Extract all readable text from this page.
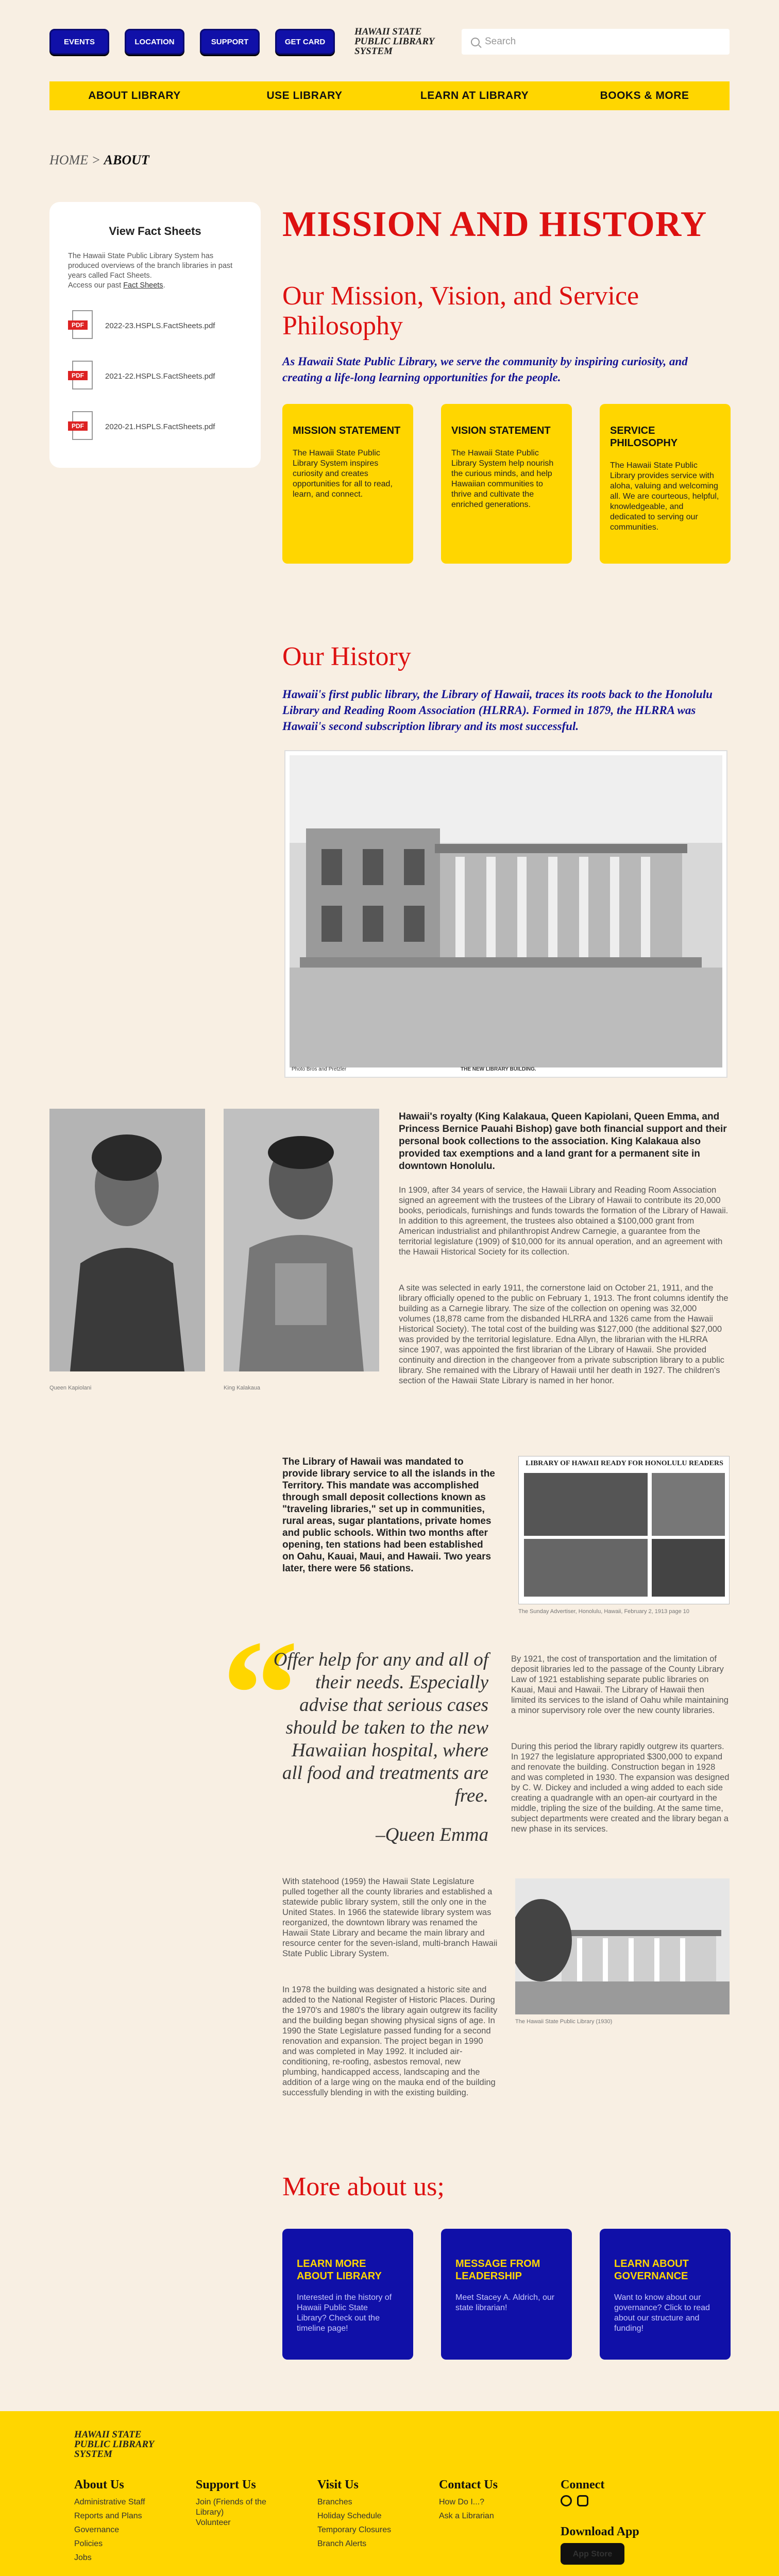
EVENTS	LOCATION	SUPPORT	GET CARD
HAWAII STATE PUBLIC LIBRARY SYSTEM
Search
ABOUT LIBRARY	USE LIBRARY	LEARN AT LIBRARY	BOOKS & MORE
HOME > ABOUT
View Fact Sheets

The Hawaii State Public Library System has produced overviews of the branch libraries in past years called Fact Sheets.
Access our past Fact Sheets.

PDF	2022-23.HSPLS.FactSheets.pdf
PDF	2021-22.HSPLS.FactSheets.pdf
PDF	2020-21.HSPLS.FactSheets.pdf
MISSION AND HISTORY
Our Mission, Vision, and Service Philosophy
As Hawaii State Public Library, we serve the community by inspiring curiosity, and creating a life-long learning opportunities for the people.
MISSION STATEMENT

The Hawaii State Public Library System inspires curiosity and creates opportunities for all to read, learn, and connect.

VISION STATEMENT

The Hawaii State Public Library System help nourish the curious minds, and help Hawaiian communities to thrive and cultivate the enriched generations.

SERVICE PHILOSOPHY

The Hawaii State Public Library provides service with aloha, valuing and welcoming all. We are courteous, helpful, knowledgeable, and dedicated to serving our communities.

Our History
Hawaii's first public library, the Library of Hawaii, traces its roots back to the Honolulu Library and Reading Room Association (HLRRA). Formed in 1879, the HLRRA was Hawaii's second subscription library and its most successful.
Photo Bros and Pretzler	THE NEW LIBRARY BUILDING.
Queen Kapiolani	King Kalakaua
Hawaii's royalty (King Kalakaua, Queen Kapiolani, Queen Emma, and Princess Bernice Pauahi Bishop) gave both financial support and their personal book collections to the association. King Kalakaua also provided tax exemptions and a land grant for a permanent site in downtown Honolulu.
In 1909, after 34 years of service, the Hawaii Library and Reading Room Association signed an agreement with the trustees of the Library of Hawaii to contribute its 20,000 books, periodicals, furnishings and funds towards the formation of the Library of Hawaii. In addition to this agreement, the trustees also obtained a $100,000 grant from American industrialist and philanthropist Andrew Carnegie, a guarantee from the territorial legislature (1909) of $10,000 for its annual operation, and an agreement with the Hawaii Historical Society for its collection.
A site was selected in early 1911, the cornerstone laid on October 21, 1911, and the library officially opened to the public on February 1, 1913. The front columns identify the building as a Carnegie library. The size of the collection on opening was 32,000 volumes (18,878 came from the disbanded HLRRA and 1326 came from the Hawaii Historical Society). The total cost of the building was $127,000 (the additional $27,000 was provided by the territorial legislature. Edna Allyn, the librarian with the HLRRA since 1907, was appointed the first librarian of the Library of Hawaii. She provided continuity and direction in the changeover from a private subscription library to a public library. She remained with the Library of Hawaii until her death in 1927. The children's section of the Hawaii State Library is named in her honor.
The Library of Hawaii was mandated to provide library service to all the islands in the Territory. This mandate was accomplished through small deposit collections known as "traveling libraries," set up in communities, rural areas, sugar plantations, private homes and public schools. Within two months after opening, ten stations had been established on Oahu, Kauai, Maui, and Hawaii. Two years later, there were 56 stations.
LIBRARY OF HAWAII READY FOR HONOLULU READERS
The Sunday Advertiser, Honolulu, Hawaii, February 2, 1913 page 10
“
Offer help for any and all of their needs. Especially advise that serious cases should be taken to the new Hawaiian hospital, where all food and treatments are free.
–Queen Emma
By 1921, the cost of transportation and the limitation of deposit libraries led to the passage of the County Library Law of 1921 establishing separate public libraries on Kauai, Maui and Hawaii. The Library of Hawaii then limited its services to the island of Oahu while maintaining a minor supervisory role over the new county libraries.
During this period the library rapidly outgrew its quarters. In 1927 the legislature appropriated $300,000 to expand and renovate the building. Construction began in 1928 and was completed in 1930. The expansion was designed by C. W. Dickey and included a wing added to each side creating a quadrangle with an open-air courtyard in the middle, tripling the size of the building. At the same time, subject departments were created and the library began a new phase in its services.
With statehood (1959) the Hawaii State Legislature pulled together all the county libraries and established a statewide public library system, still the only one in the United States. In 1966 the statewide library system was reorganized, the downtown library was renamed the Hawaii State Library and became the main library and resource center for the seven-island, multi-branch Hawaii State Public Library System.
In 1978 the building was designated a historic site and added to the National Register of Historic Places. During the 1970's and 1980's the library again outgrew its facility and the building began showing physical signs of age. In 1990 the State Legislature passed funding for a second renovation and expansion. The project began in 1990 and was completed in May 1992. It included air-conditioning, re-roofing, asbestos removal, new plumbing, handicapped access, landscaping and the addition of a large wing on the mauka end of the building successfully blending in with the existing building.
The Hawaii State Public Library (1930)
More about us;
LEARN MORE ABOUT LIBRARY

Interested in the history of Hawaii Public State Library? Check out the timeline page!

MESSAGE FROM LEADERSHIP

Meet Stacey A. Aldrich, our state librarian!

LEARN ABOUT GOVERNANCE

Want to know about our governance? Click to read about our structure and funding!

HAWAII STATE PUBLIC LIBRARY SYSTEM
About Us
Administrative Staff
Reports and Plans
Governance
Policies
Jobs
Support Us
Join (Friends of the Library)
Volunteer
Visit Us
Branches
Holiday Schedule
Temporary Closures
Branch Alerts
Contact Us
How Do I...?
Ask a Librarian
Connect
Download App
App Store
